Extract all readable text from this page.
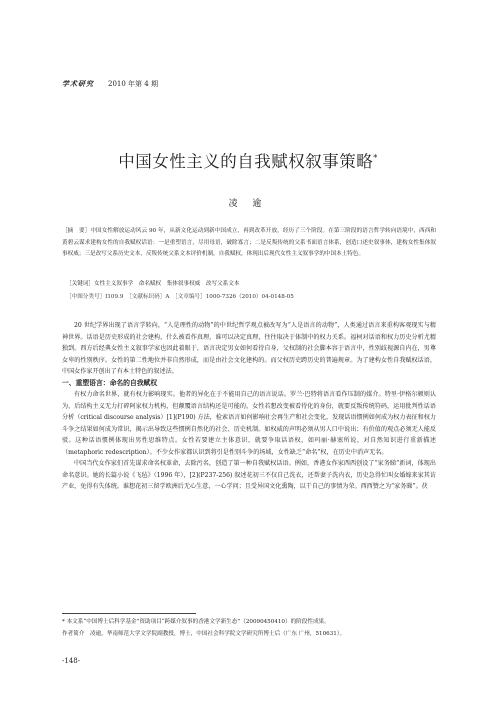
学术研究 2010 年第 4 期
中国女性主义的自我赋权叙事策略*
凌 逾
［摘　要］中国女性解放运动风云 90 年，从新文化运动到新中国成立，再到改革开放，经历了三个阶段。在第三阶段的语言哲学转向语境中，西西和黄碧云谋求建构女性的自我赋权话语：一是重塑语言，尽用母语，破除寡言；二是反叛传统的父系书面语言体系，创造口述史叙事体，建构女性集体叙事权威；三是改写父系历史文本，反叛传统父系文本评价机制，自我赋权，体现出后现代女性主义叙事学的中国本土特色。
［关键词］女性主义叙事学　命名赋权　集体叙事权威　改写父系文本
［中图分类号］I109.9　［文献标识码］A　［文章编号］1000-7326（2010）04-0148-05

20 世纪学界出现了语言学转向，“人是理性的动物”的中世纪哲学观点被改写为“人是语言的动物”，人类通过语言来重构客观现实与精神世界。话语是历史形成的社会建构，什么被看作真理，谁可以决定真理，往往取决于体制中的权力关系。福柯对话语和权力历史分析尤精独到。西方后经典女性主义叙事学家也因此着眼于，语言决定男女如何看待自身，父权制的社会脚本容于语言中，性别歧视源自内在，男尊女卑的性别秩序。女性的第二性地位并非自然形成，而是由社会文化建构的。而父权历史跨历史的普遍规章。为了建构女性自我赋权话语，中国女作家开创出了有本土特色的叙述法。

一、重塑语言：命名的自我赋权

有权力命名世界，就有权力影响现实。他者的异化在于不能用自己的语言说话。罗兰·巴特将语言看作压制的媒介。特里·伊格尔顿则认为，后结构主义无力打碎阿家权力机构，但颠覆语言结构还是可能的。女性若想改变被看待化的身份，就要反叛传统符码，运用批判性话语分析（critical discourse analysis）[1](P190) 方法，检索语言如何影响社会再生产和社会变化，发现话语惯例如何成为权力表征和权力斗争之结果如何成为常识，揭示出导致这些惯例自然化的社会、历史机制。如权威的声明必须从男人口中说出；有价值的观点必须无人能反驳。这种话语惯例体现出男性思维特点。女性若要建立主体意识，就要争取话语权，如玛丽·赫塞所说，对自然知识进行重新描述（metaphoric redescription）。不少女作家都认识到将引是性别斗争的场域，女性缺乏“命名”权，在历史中消声无名。

中国当代女作家们首先谋求命名权革命，去除污名，创造了第一种自我赋权话语。例如，香港女作家西西创设了“家务睇”新词，体现出命名意识。她的长篇小说《飞毡》（1996 年），[2](P237-256) 叙述花初三不仅自己洗衣，还帮妻子洗内衣，历史急得忙叫女婚嫁来家其访产业，免得有失体统。谁想花初三留学欧洲后无心生意，一心学问；且受异国文化熏陶，以干自己的事情为荣。西西赞之为“家务睇”。茯

* 本文系“中国博士后科学基金”资助项目“跨媒介叙事的香港文学新生态”（20090450410）的阶段性成果。
作者简介　凌逾，华南师范大学文学院副教授，博士，中国社会科学院文学研究所博士后（广东 广州，510631）。
-148-
